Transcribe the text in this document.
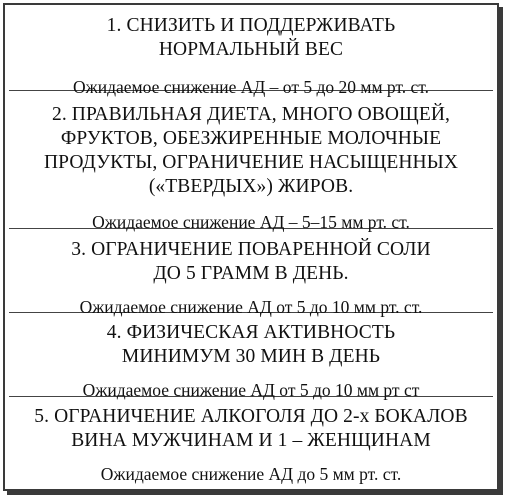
1. СНИЗИТЬ И ПОДДЕРЖИВАТЬ
НОРМАЛЬНЫЙ ВЕС
Ожидаемое снижение АД – от 5 до 20 мм рт. ст.
2. ПРАВИЛЬНАЯ ДИЕТА, МНОГО ОВОЩЕЙ,
ФРУКТОВ, ОБЕЗЖИРЕННЫЕ МОЛОЧНЫЕ
ПРОДУКТЫ, ОГРАНИЧЕНИЕ НАСЫЩЕННЫХ
(«ТВЕРДЫХ») ЖИРОВ.
Ожидаемое снижение АД – 5–15 мм рт. ст.
3. ОГРАНИЧЕНИЕ ПОВАРЕННОЙ СОЛИ
ДО 5 ГРАММ В ДЕНЬ.
Ожидаемое снижение АД от 5 до 10 мм рт. ст.
4. ФИЗИЧЕСКАЯ АКТИВНОСТЬ
МИНИМУМ 30 МИН В ДЕНЬ
Ожидаемое снижение АД от 5 до 10 мм рт ст
5. ОГРАНИЧЕНИЕ АЛКОГОЛЯ ДО 2-х БОКАЛОВ
ВИНА МУЖЧИНАМ И 1 – ЖЕНЩИНАМ
Ожидаемое снижение АД до 5 мм рт. ст.
